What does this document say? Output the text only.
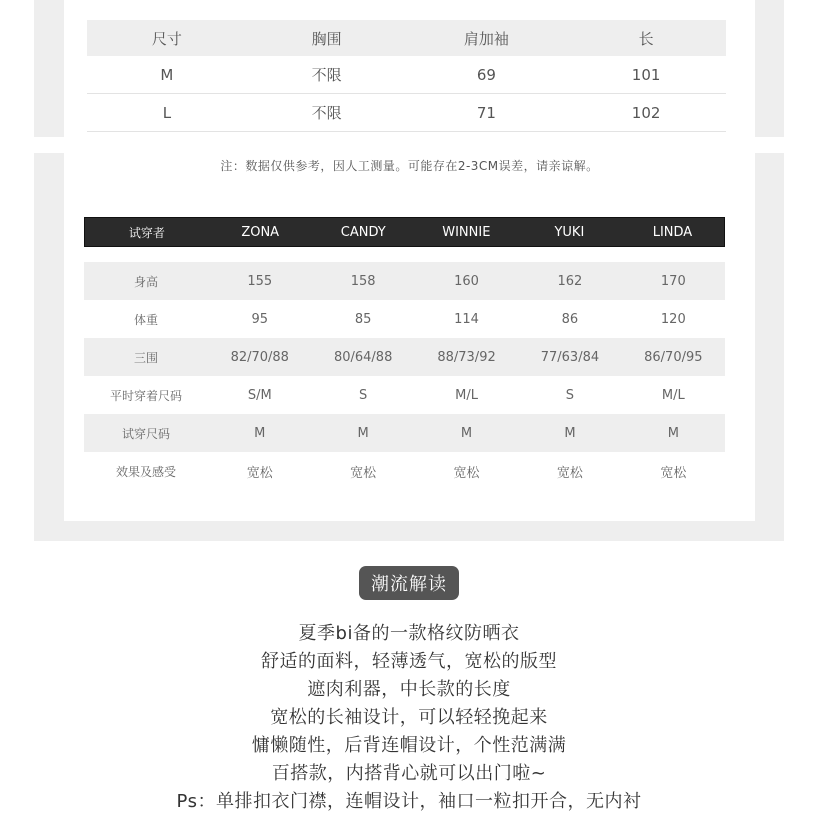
尺寸	胸围	肩加袖	长
M	不限	69	101
L	不限	71	102
注：数据仅供参考，因人工测量。可能存在2-3CM误差，请亲谅解。
试穿者	ZONA	CANDY	WINNIE	YUKI	LINDA
身高	155	158	160	162	170
体重	95	85	114	86	120
三围	82/70/88	80/64/88	88/73/92	77/63/84	86/70/95
平时穿着尺码	S/M	S	M/L	S	M/L
试穿尺码	M	M	M	M	M
效果及感受	宽松	宽松	宽松	宽松	宽松
潮流解读
夏季bi备的一款格纹防晒衣
舒适的面料，轻薄透气，宽松的版型
遮肉利器，中长款的长度
宽松的长袖设计，可以轻轻挽起来
慵懒随性，后背连帽设计，个性范满满
百搭款，内搭背心就可以出门啦~
Ps：单排扣衣门襟，连帽设计，袖口一粒扣开合，无内衬
